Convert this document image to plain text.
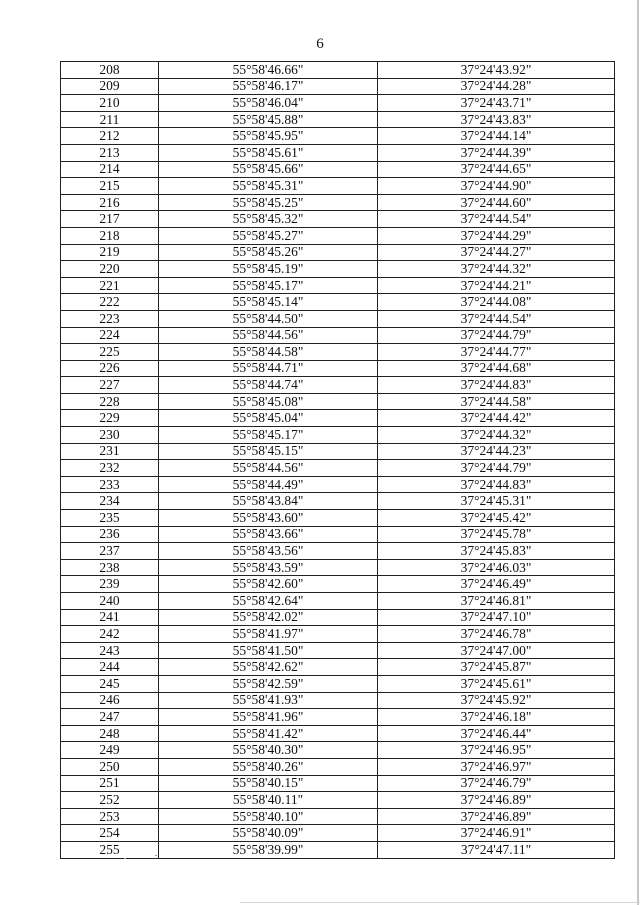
6
208	55°58'46.66"	37°24'43.92"
209	55°58'46.17"	37°24'44.28"
210	55°58'46.04"	37°24'43.71"
211	55°58'45.88"	37°24'43.83"
212	55°58'45.95"	37°24'44.14"
213	55°58'45.61"	37°24'44.39"
214	55°58'45.66"	37°24'44.65"
215	55°58'45.31"	37°24'44.90"
216	55°58'45.25"	37°24'44.60"
217	55°58'45.32"	37°24'44.54"
218	55°58'45.27"	37°24'44.29"
219	55°58'45.26"	37°24'44.27"
220	55°58'45.19"	37°24'44.32"
221	55°58'45.17"	37°24'44.21"
222	55°58'45.14"	37°24'44.08"
223	55°58'44.50"	37°24'44.54"
224	55°58'44.56"	37°24'44.79"
225	55°58'44.58"	37°24'44.77"
226	55°58'44.71"	37°24'44.68"
227	55°58'44.74"	37°24'44.83"
228	55°58'45.08"	37°24'44.58"
229	55°58'45.04"	37°24'44.42"
230	55°58'45.17"	37°24'44.32"
231	55°58'45.15"	37°24'44.23"
232	55°58'44.56"	37°24'44.79"
233	55°58'44.49"	37°24'44.83"
234	55°58'43.84"	37°24'45.31"
235	55°58'43.60"	37°24'45.42"
236	55°58'43.66"	37°24'45.78"
237	55°58'43.56"	37°24'45.83"
238	55°58'43.59"	37°24'46.03"
239	55°58'42.60"	37°24'46.49"
240	55°58'42.64"	37°24'46.81"
241	55°58'42.02"	37°24'47.10"
242	55°58'41.97"	37°24'46.78"
243	55°58'41.50"	37°24'47.00"
244	55°58'42.62"	37°24'45.87"
245	55°58'42.59"	37°24'45.61"
246	55°58'41.93"	37°24'45.92"
247	55°58'41.96"	37°24'46.18"
248	55°58'41.42"	37°24'46.44"
249	55°58'40.30"	37°24'46.95"
250	55°58'40.26"	37°24'46.97"
251	55°58'40.15"	37°24'46.79"
252	55°58'40.11"	37°24'46.89"
253	55°58'40.10"	37°24'46.89"
254	55°58'40.09"	37°24'46.91"
255	55°58'39.99"	37°24'47.11"
